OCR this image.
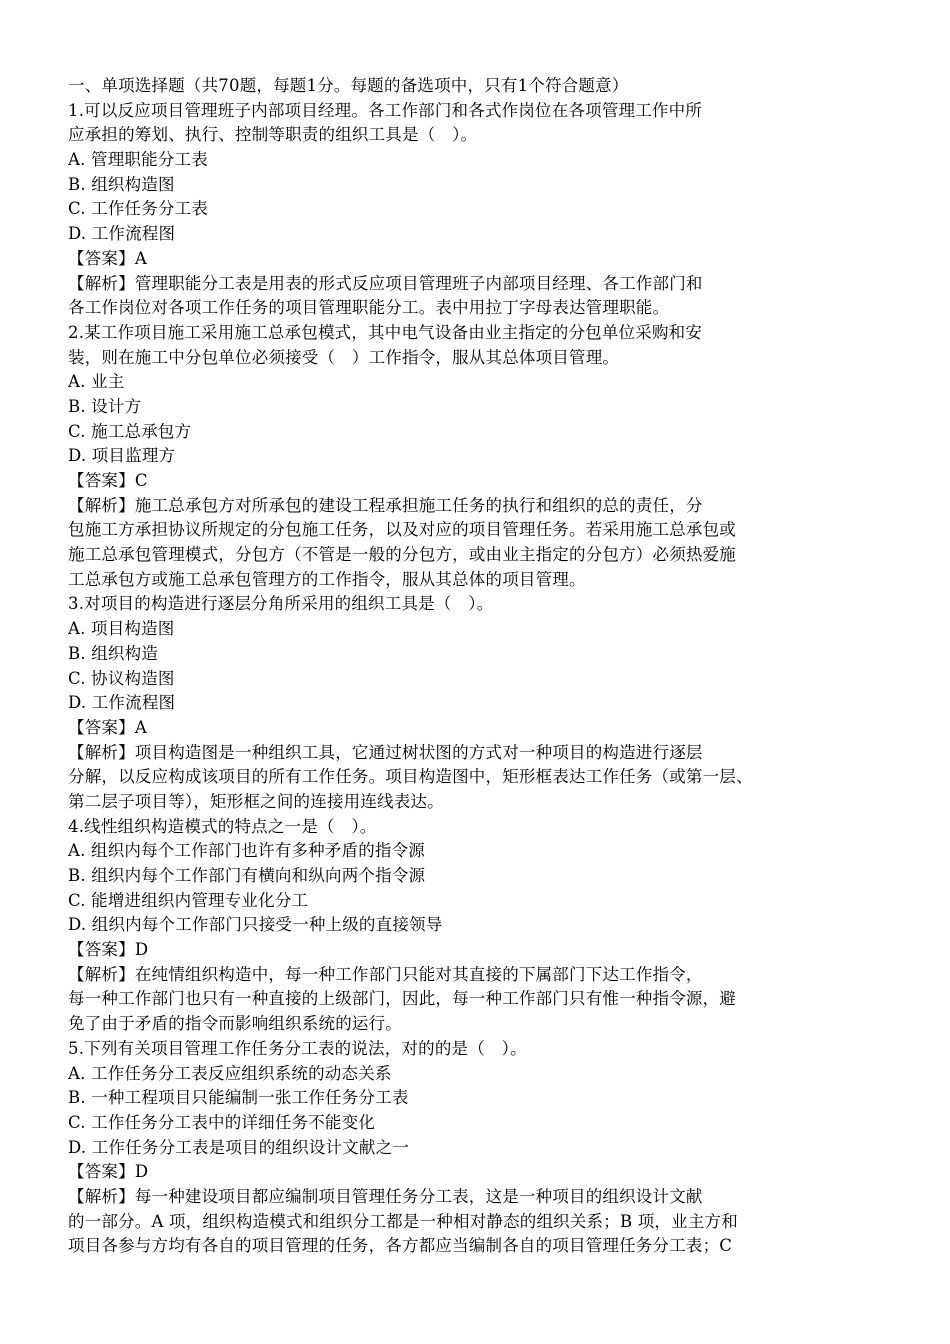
一、单项选择题（共70题，每题1分。每题的备选项中，只有1个符合题意）
1.可以反应项目管理班子内部项目经理。各工作部门和各式作岗位在各项管理工作中所
应承担的筹划、执行、控制等职责的组织工具是（　）。
A. 管理职能分工表
B. 组织构造图
C. 工作任务分工表
D. 工作流程图
【答案】A
【解析】管理职能分工表是用表的形式反应项目管理班子内部项目经理、各工作部门和
各工作岗位对各项工作任务的项目管理职能分工。表中用拉丁字母表达管理职能。
2.某工作项目施工采用施工总承包模式，其中电气设备由业主指定的分包单位采购和安
装，则在施工中分包单位必须接受（　）工作指令，服从其总体项目管理。
A. 业主
B. 设计方
C. 施工总承包方
D. 项目监理方
【答案】C
【解析】施工总承包方对所承包的建设工程承担施工任务的执行和组织的总的责任，分
包施工方承担协议所规定的分包施工任务，以及对应的项目管理任务。若采用施工总承包或
施工总承包管理模式，分包方（不管是一般的分包方，或由业主指定的分包方）必须热爱施
工总承包方或施工总承包管理方的工作指令，服从其总体的项目管理。
3.对项目的构造进行逐层分角所采用的组织工具是（　）。
A. 项目构造图
B. 组织构造
C. 协议构造图
D. 工作流程图
【答案】A
【解析】项目构造图是一种组织工具，它通过树状图的方式对一种项目的构造进行逐层
分解，以反应构成该项目的所有工作任务。项目构造图中，矩形框表达工作任务（或第一层、
第二层子项目等），矩形框之间的连接用连线表达。
4.线性组织构造模式的特点之一是（　）。
A. 组织内每个工作部门也许有多种矛盾的指令源
B. 组织内每个工作部门有横向和纵向两个指令源
C. 能增进组织内管理专业化分工
D. 组织内每个工作部门只接受一种上级的直接领导
【答案】D
【解析】在纯情组织构造中，每一种工作部门只能对其直接的下属部门下达工作指令，
每一种工作部门也只有一种直接的上级部门，因此，每一种工作部门只有惟一种指令源，避
免了由于矛盾的指令而影响组织系统的运行。
5.下列有关项目管理工作任务分工表的说法，对的的是（　）。
A. 工作任务分工表反应组织系统的动态关系
B. 一种工程项目只能编制一张工作任务分工表
C. 工作任务分工表中的详细任务不能变化
D. 工作任务分工表是项目的组织设计文献之一
【答案】D
【解析】每一种建设项目都应编制项目管理任务分工表，这是一种项目的组织设计文献
的一部分。A 项，组织构造模式和组织分工都是一种相对静态的组织关系；B 项，业主方和
项目各参与方均有各自的项目管理的任务，各方都应当编制各自的项目管理任务分工表；C
